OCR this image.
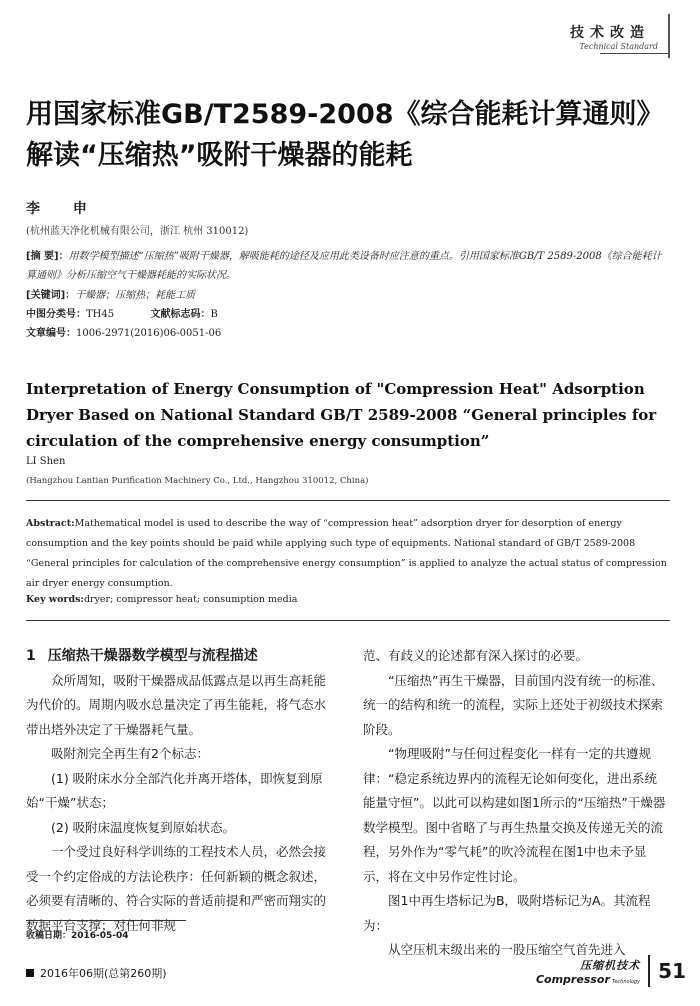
技术改造
Technical Standard
用国家标准GB/T2589-2008《综合能耗计算通则》解读“压缩热”吸附干燥器的能耗
李 申
(杭州蓝天净化机械有限公司，浙江 杭州 310012)
[摘 要]：用数学模型描述“压缩热”吸附干燥器，解吸能耗的途径及应用此类设备时应注意的重点。引用国家标准GB/T 2589-2008《综合能耗计算通则》分析压缩空气干燥器耗能的实际状况。
[关键词]：干燥器；压缩热；耗能工质
中图分类号：TH45	文献标志码：B
文章编号：1006-2971(2016)06-0051-06
Interpretation of Energy Consumption of "Compression Heat" Adsorption Dryer Based on National Standard GB/T 2589-2008 “General principles for circulation of the comprehensive energy consumption”
LI Shen
(Hangzhou Lantian Purification Machinery Co., Ltd., Hangzhou 310012, China)
Abstract:Mathematical model is used to describe the way of “compression heat” adsorption dryer for desorption of energy consumption and the key points should be paid while applying such type of equipments. National standard of GB/T 2589-2008 “General principles for calculation of the comprehensive energy consumption” is applied to analyze the actual status of compression air dryer energy consumption.
Key words:dryer; compressor heat; consumption media
1 压缩热干燥器数学模型与流程描述

众所周知，吸附干燥器成品低露点是以再生高耗能为代价的。周期内吸水总量决定了再生能耗，将气态水带出塔外决定了干燥器耗气量。

吸附剂完全再生有2个标志：

(1) 吸附床水分全部汽化并离开塔体，即恢复到原始“干燥”状态；

(2) 吸附床温度恢复到原始状态。

一个受过良好科学训练的工程技术人员，必然会接受一个约定俗成的方法论秩序：任何新颖的概念叙述，必须要有清晰的、符合实际的普适前提和严密而翔实的数据平台支撑；对任何非规

范、有歧义的论述都有深入探讨的必要。

“压缩热”再生干燥器，目前国内没有统一的标准、统一的结构和统一的流程，实际上还处于初级技术探索阶段。

“物理吸附”与任何过程变化一样有一定的共遵规律：“稳定系统边界内的流程无论如何变化，进出系统能量守恒”。以此可以构建如图1所示的“压缩热”干燥器数学模型。图中省略了与再生热量交换及传递无关的流程，另外作为“零气耗”的吹冷流程在图1中也未予显示，将在文中另作定性讨论。

图1中再生塔标记为B，吸附塔标记为A。其流程为：

从空压机末级出来的一股压缩空气首先进入

收稿日期：2016-05-04
2016年06期(总第260期)
压缩机技术
Compressor Technology 51
